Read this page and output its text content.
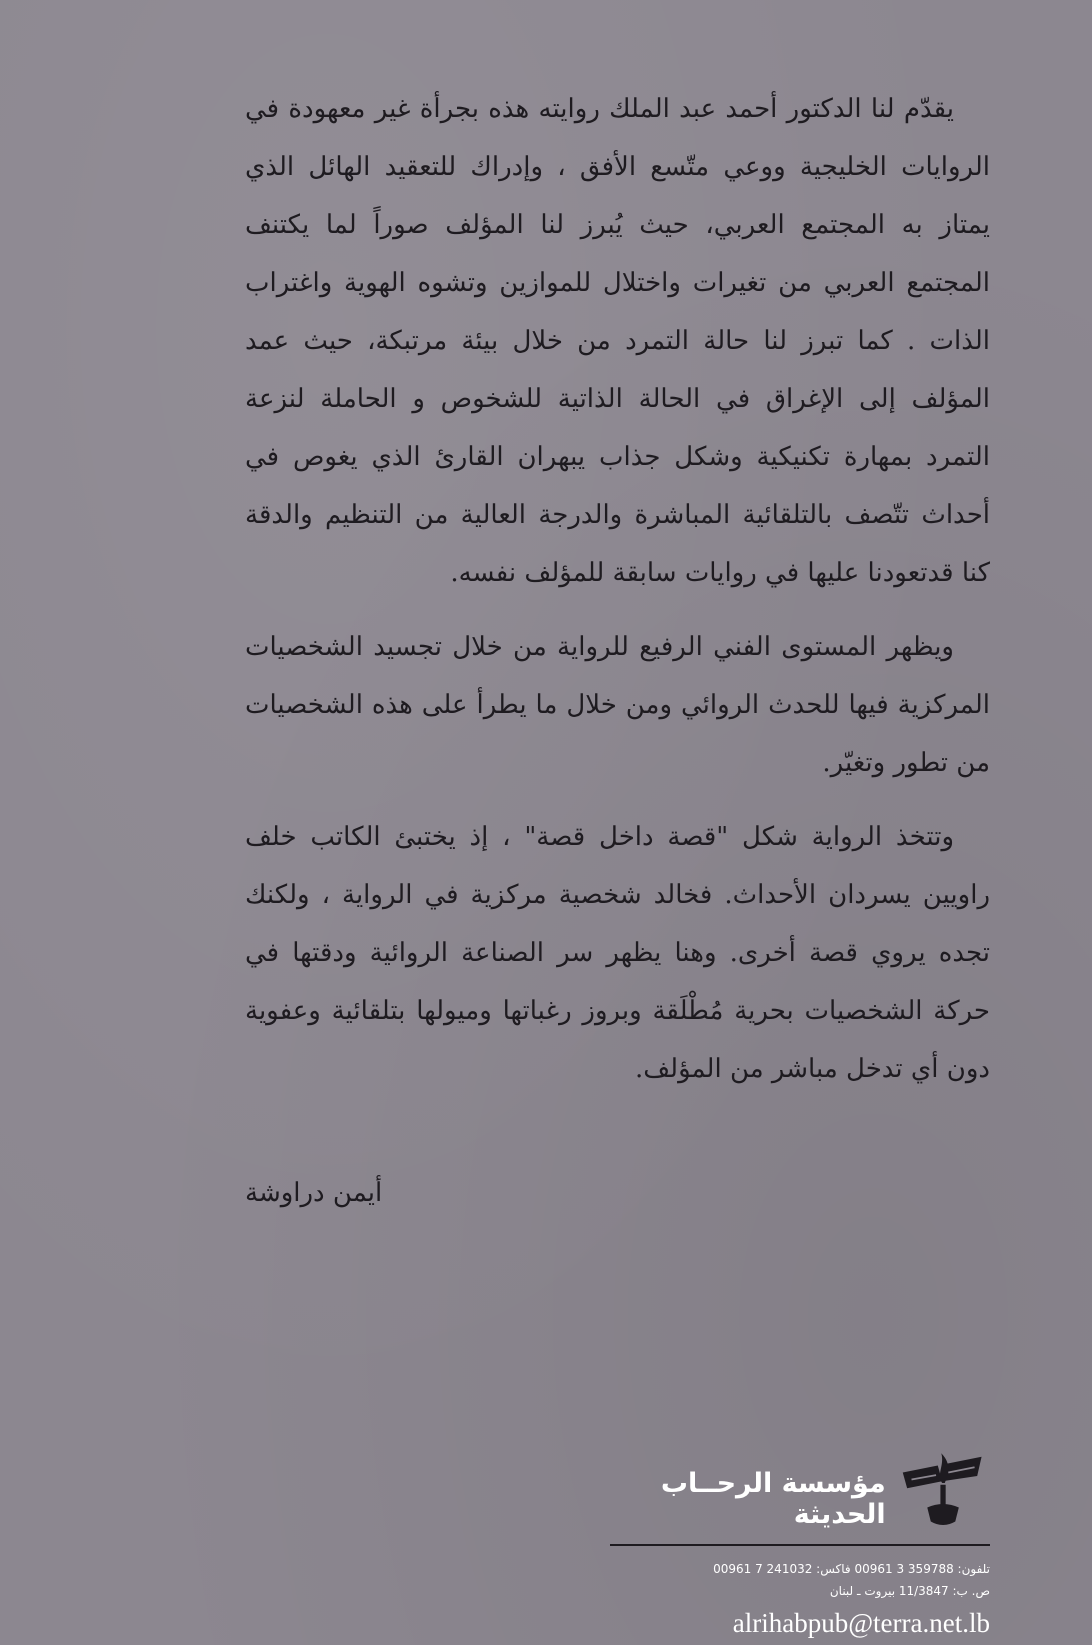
يقدّم لنا الدكتور أحمد عبد الملك روايته هذه بجرأة غير معهودة في الروايات الخليجية ووعي متّسع الأفق ، وإدراك للتعقيد الهائل الذي يمتاز به المجتمع العربي، حيث يُبرز لنا المؤلف صوراً لما يكتنف المجتمع العربي من تغيرات واختلال للموازين وتشوه الهوية واغتراب الذات . كما تبرز لنا حالة التمرد من خلال بيئة مرتبكة، حيث عمد المؤلف إلى الإغراق في الحالة الذاتية للشخوص و الحاملة لنزعة التمرد بمهارة تكنيكية وشكل جذاب يبهران القارئ الذي يغوص في أحداث تتّصف بالتلقائية المباشرة والدرجة العالية من التنظيم والدقة كنا قدتعودنا عليها في روايات سابقة للمؤلف نفسه.

ويظهر المستوى الفني الرفيع للرواية من خلال تجسيد الشخصيات المركزية فيها للحدث الروائي ومن خلال ما يطرأ على هذه الشخصيات من تطور وتغيّر.

وتتخذ الرواية شكل "قصة داخل قصة" ، إذ يختبئ الكاتب خلف راويين يسردان الأحداث. فخالد شخصية مركزية في الرواية ، ولكنك تجده يروي قصة أخرى. وهنا يظهر سر الصناعة الروائية ودقتها في حركة الشخصيات بحرية مُطْلَقة وبروز رغباتها وميولها بتلقائية وعفوية دون أي تدخل مباشر من المؤلف.

أيمن دراوشة
مؤسسة الرحــاب الحديثة
تلفون: 359788 3 00961 فاكس: 241032 7 00961
ص. ب: 11/3847 بيروت ـ لبنان
alrihabpub@terra.net.lb
